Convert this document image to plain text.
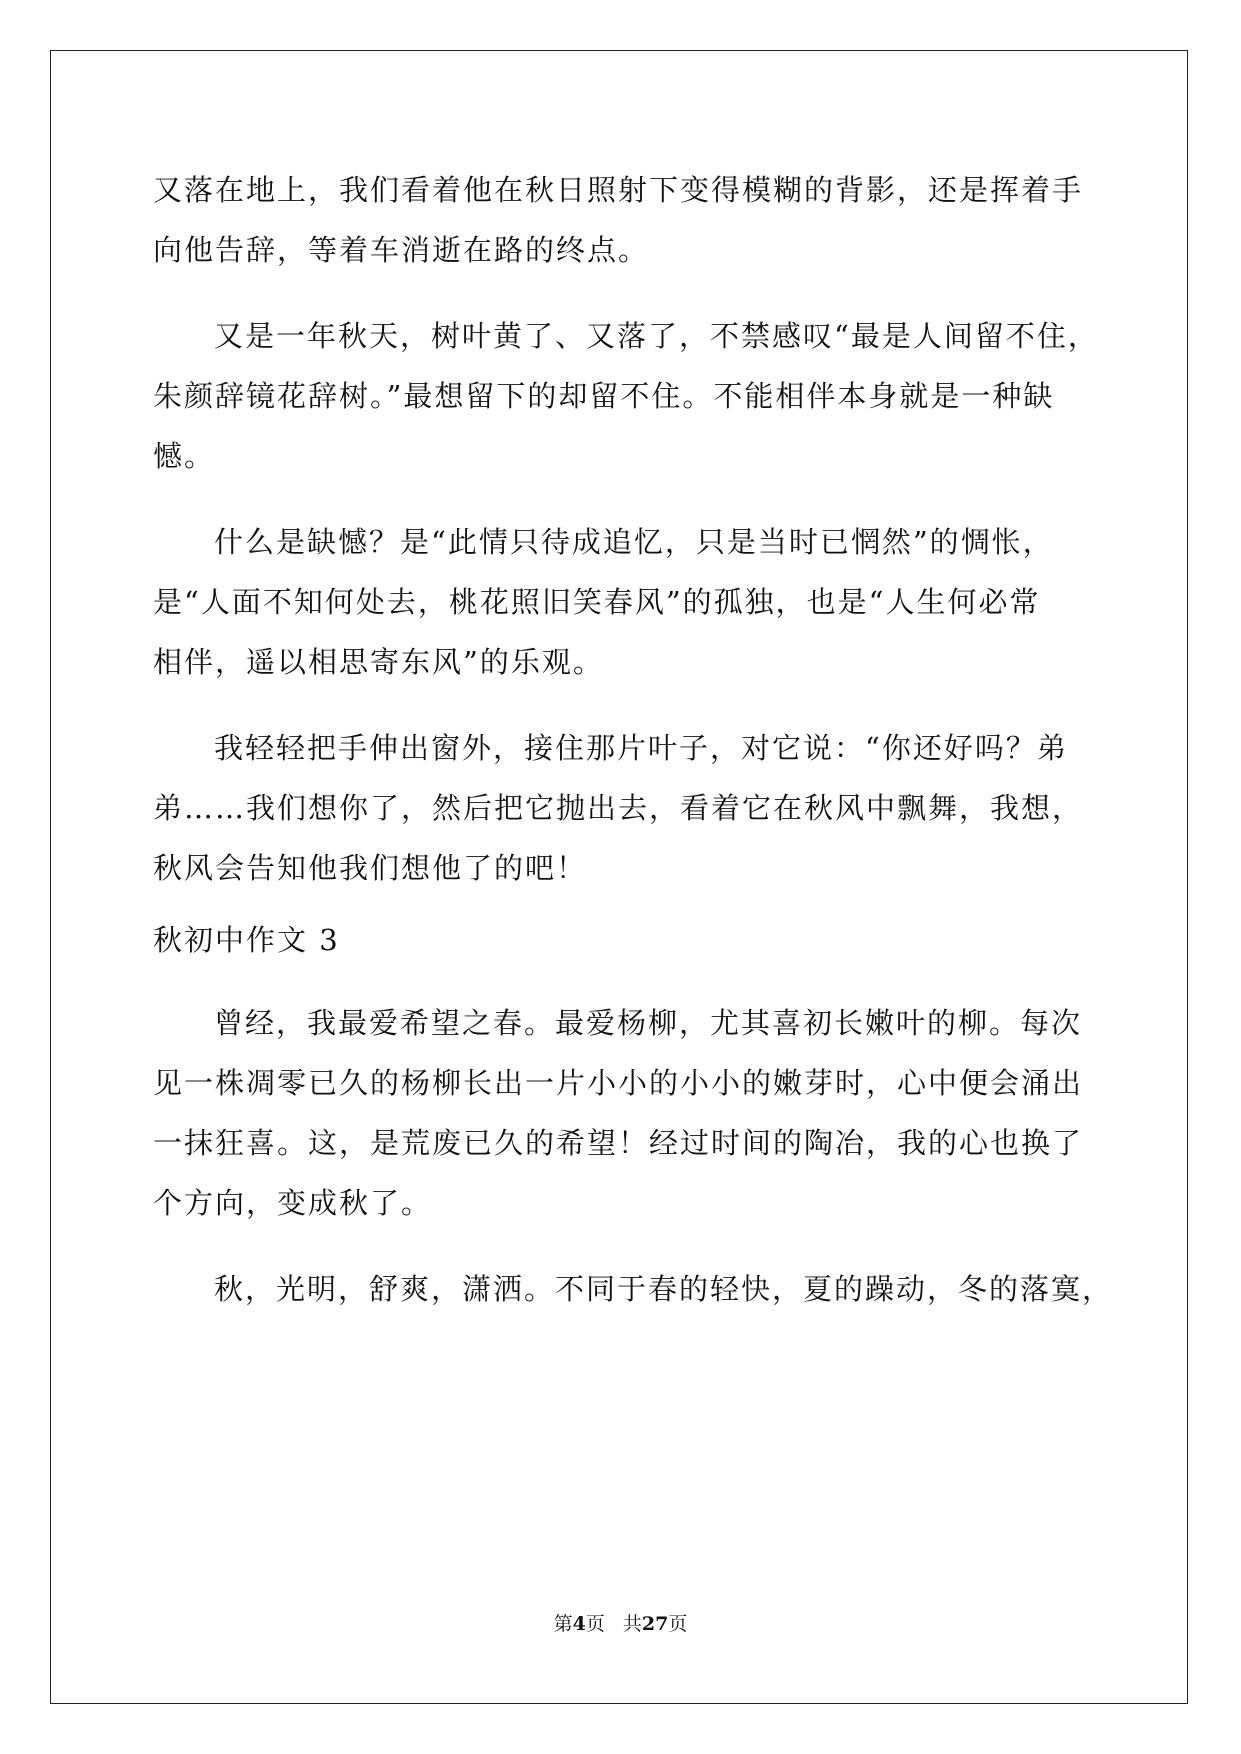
又落在地上，我们看着他在秋日照射下变得模糊的背影，还是挥着手
向他告辞，等着车消逝在路的终点。
又是一年秋天，树叶黄了、又落了，不禁感叹“最是人间留不住，
朱颜辞镜花辞树。”最想留下的却留不住。不能相伴本身就是一种缺
憾。
什么是缺憾？是“此情只待成追忆，只是当时已惘然”的惆怅，
是“人面不知何处去，桃花照旧笑春风”的孤独，也是“人生何必常
相伴，遥以相思寄东风”的乐观。
我轻轻把手伸出窗外，接住那片叶子，对它说：“你还好吗？弟
弟……我们想你了，然后把它抛出去，看着它在秋风中飘舞，我想，
秋风会告知他我们想他了的吧！
秋初中作文 3
曾经，我最爱希望之春。最爱杨柳，尤其喜初长嫩叶的柳。每次
见一株凋零已久的杨柳长出一片小小的小小的嫩芽时，心中便会涌出
一抹狂喜。这，是荒废已久的希望！经过时间的陶冶，我的心也换了
个方向，变成秋了。
秋，光明，舒爽，潇洒。不同于春的轻快，夏的躁动，冬的落寞，
第4页 共27页
